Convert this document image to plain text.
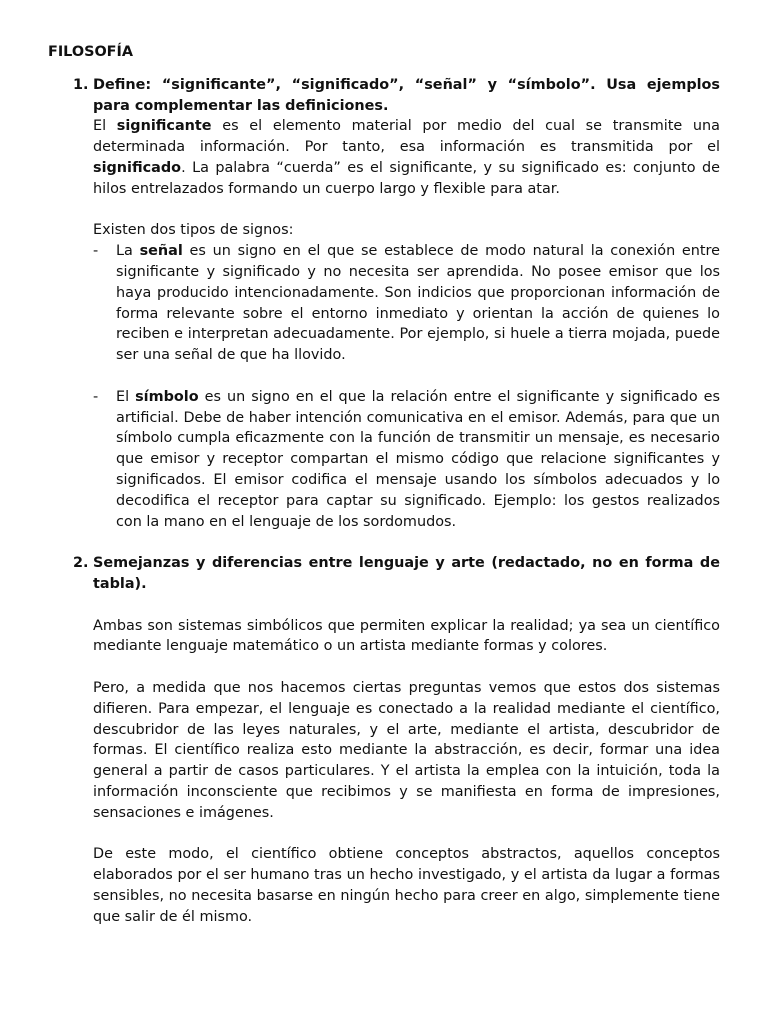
FILOSOFÍA
1. Define: “significante”, “significado”, “señal” y “símbolo”. Usa ejemplos para complementar las definiciones.

El significante es el elemento material por medio del cual se transmite una determinada información. Por tanto, esa información es transmitida por el significado. La palabra “cuerda” es el significante, y su significado es: conjunto de hilos entrelazados formando un cuerpo largo y flexible para atar.

Existen dos tipos de signos:

-	La señal es un signo en el que se establece de modo natural la conexión entre significante y significado y no necesita ser aprendida. No posee emisor que los haya producido intencionadamente. Son indicios que proporcionan información de forma relevante sobre el entorno inmediato y orientan la acción de quienes lo reciben e interpretan adecuadamente. Por ejemplo, si huele a tierra mojada, puede ser una señal de que ha llovido.
-	El símbolo es un signo en el que la relación entre el significante y significado es artificial. Debe de haber intención comunicativa en el emisor. Además, para que un símbolo cumpla eficazmente con la función de transmitir un mensaje, es necesario que emisor y receptor compartan el mismo código que relacione significantes y significados. El emisor codifica el mensaje usando los símbolos adecuados y lo decodifica el receptor para captar su significado. Ejemplo: los gestos realizados con la mano en el lenguaje de los sordomudos.
2. Semejanzas y diferencias entre lenguaje y arte (redactado, no en forma de tabla).

Ambas son sistemas simbólicos que permiten explicar la realidad; ya sea un científico mediante lenguaje matemático o un artista mediante formas y colores.

Pero, a medida que nos hacemos ciertas preguntas vemos que estos dos sistemas difieren. Para empezar, el lenguaje es conectado a la realidad mediante el científico, descubridor de las leyes naturales, y el arte, mediante el artista, descubridor de formas. El científico realiza esto mediante la abstracción, es decir, formar una idea general a partir de casos particulares. Y el artista la emplea con la intuición, toda la información inconsciente que recibimos y se manifiesta en forma de impresiones, sensaciones e imágenes.

De este modo, el científico obtiene conceptos abstractos, aquellos conceptos elaborados por el ser humano tras un hecho investigado, y el artista da lugar a formas sensibles, no necesita basarse en ningún hecho para creer en algo, simplemente tiene que salir de él mismo.
